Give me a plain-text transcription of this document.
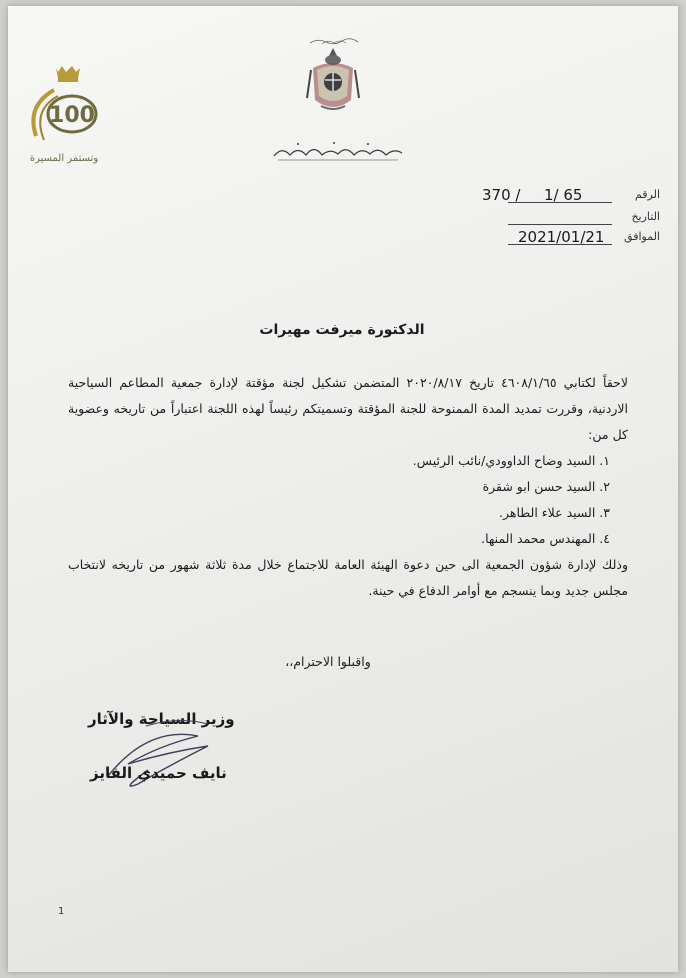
100
وتستمر المسيرة
الرقم
370 / 1/ 65
التاريخ
الموافق
2021/01/21
الدكتورة ميرفت مهيرات

لاحقاً لكتابي ٤٦٠٨/١/٦٥ تاريخ ٢٠٢٠/٨/١٧ المتضمن تشكيل لجنة مؤقتة لإدارة جمعية المطاعم السياحية الاردنية، وقررت تمديد المدة الممنوحة للجنة المؤقتة وتسميتكم رئيساً لهذه اللجنة اعتباراً من تاريخه وعضوية كل من:

١. السيد وضاح الداوودي/نائب الرئيس.
٢. السيد حسن ابو شقرة
٣. السيد علاء الطاهر.
٤. المهندس محمد المنها.

وذلك لإدارة شؤون الجمعية الى حين دعوة الهيئة العامة للاجتماع خلال مدة ثلاثة شهور من تاريخه لانتخاب مجلس جديد وبما ينسجم مع أوامر الدفاع في حينة.

واقبلوا الاحترام،،
وزير السياحة والآثار
نايف حميدي الفايز
1
